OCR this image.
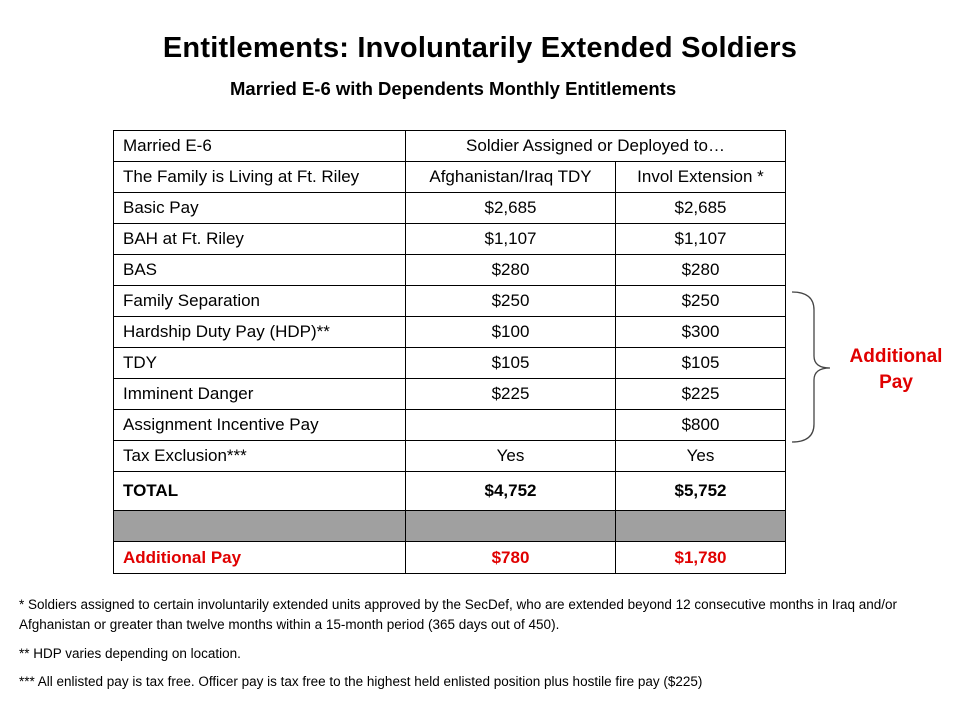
Entitlements: Involuntarily Extended Soldiers
Married E-6 with Dependents Monthly Entitlements
Married E-6	Soldier Assigned or Deployed to…	
The Family is Living at Ft. Riley	Afghanistan/Iraq TDY	Invol Extension *
Basic Pay	$2,685	$2,685
BAH at Ft. Riley	$1,107	$1,107
BAS	$280	$280
Family Separation	$250	$250
Hardship Duty Pay (HDP)**	$100	$300
TDY	$105	$105
Imminent Danger	$225	$225
Assignment Incentive Pay		$800
Tax Exclusion***	Yes	Yes
TOTAL	$4,752	$5,752

Additional Pay	$780	$1,780
Additional
Pay
* Soldiers assigned to certain involuntarily extended units approved by the SecDef, who are extended beyond 12 consecutive months in Iraq and/or Afghanistan or greater than twelve months within a 15-month period (365 days out of 450).
** HDP varies depending on location.
*** All enlisted pay is tax free. Officer pay is tax free to the highest held enlisted position plus hostile fire pay ($225)
